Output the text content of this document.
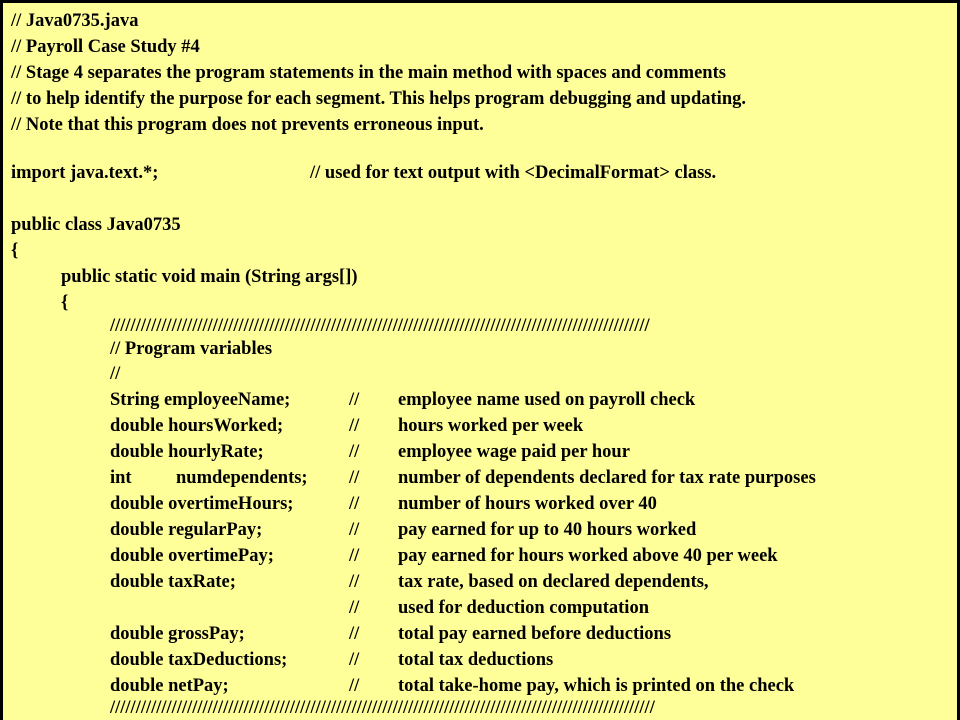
// Java0735.java
// Payroll Case Study #4
// Stage 4 separates the program statements in the main method with spaces and comments
// to help identify the purpose for each segment. This helps program debugging and updating.
// Note that this program does not prevents erroneous input.
import java.text.*;	// used for text output with <DecimalFormat> class.
public class Java0735
{
public static void main (String args[])
{
/////////////////////////////////////////////////////////////////////////////////////////////////////////
// Program variables
//
String employeeName;	// employee name used on payroll check
double hoursWorked;	// hours worked per week
double hourlyRate;	// employee wage paid per hour
int numdependents; // number of dependents declared for tax rate purposes
double overtimeHours;	// number of hours worked over 40
double regularPay;	// pay earned for up to 40 hours worked
double overtimePay;	// pay earned for hours worked above 40 per week
double taxRate;	// tax rate, based on declared dependents,
// used for deduction computation
double grossPay;	// total pay earned before deductions
double taxDeductions;	// total tax deductions
double netPay;	// total take-home pay, which is printed on the check
//////////////////////////////////////////////////////////////////////////////////////////////////////////
